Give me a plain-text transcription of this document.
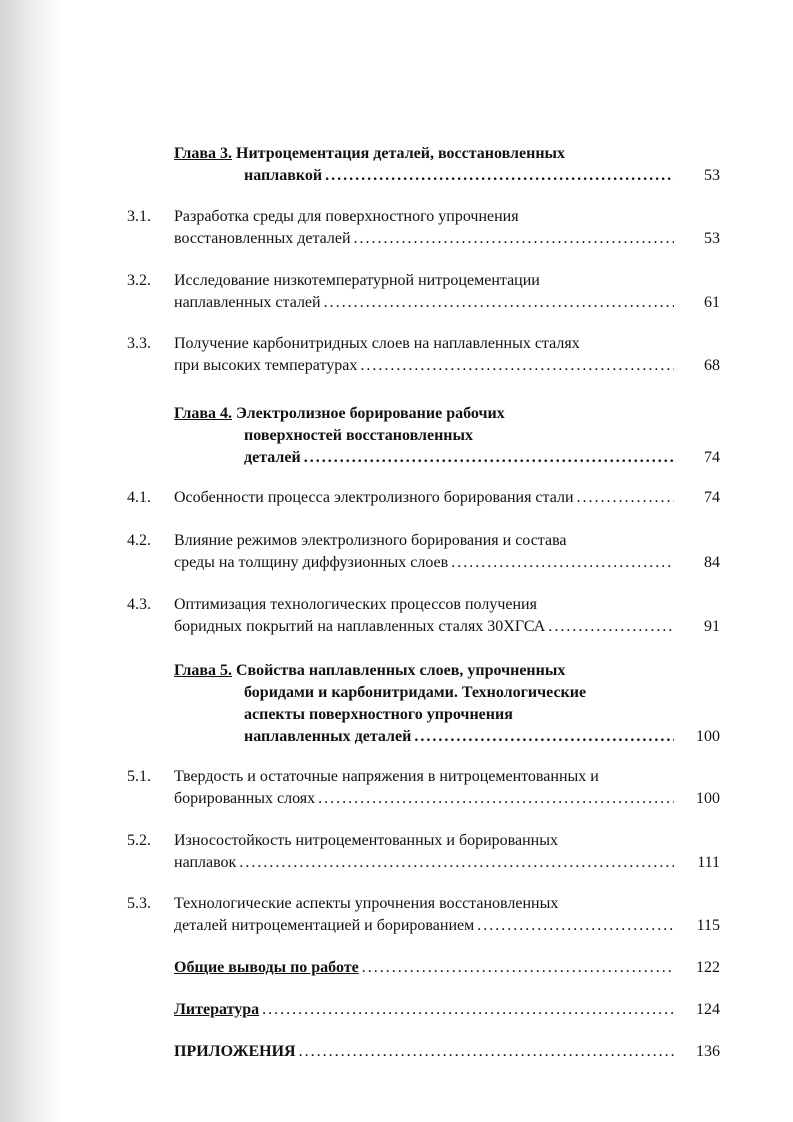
Глава 3. Нитроцементация деталей, восстановленных
наплавкой . . .	53
3.1. Разработка среды для поверхностного упрочнения
восстановленных деталей . . .	53
3.2. Исследование низкотемпературной нитроцементации
наплавленных сталей . . .	61
3.3. Получение карбонитридных слоев на наплавленных сталях
при высоких температурах . . .	68
Глава 4. Электролизное борирование рабочих
поверхностей восстановленных
деталей . . .	74
4.1. Особенности процесса электролизного борирования стали . . .	74
4.2. Влияние режимов электролизного борирования и состава
среды на толщину диффузионных слоев . . .	84
4.3. Оптимизация технологических процессов получения
боридных покрытий на наплавленных сталях 30ХГСА . . .	91
Глава 5. Свойства наплавленных слоев, упрочненных
боридами и карбонитридами. Технологические
аспекты поверхностного упрочнения
наплавленных деталей . . .	100
5.1. Твердость и остаточные напряжения в нитроцементованных и
борированных слоях . . .	100
5.2. Износостойкость нитроцементованных и борированных
наплавок . . .	111
5.3. Технологические аспекты упрочнения восстановленных
деталей нитроцементацией и борированием . . .	115
Общие выводы по работе . . .	122
Литература . . .	124
ПРИЛОЖЕНИЯ . . .	136
